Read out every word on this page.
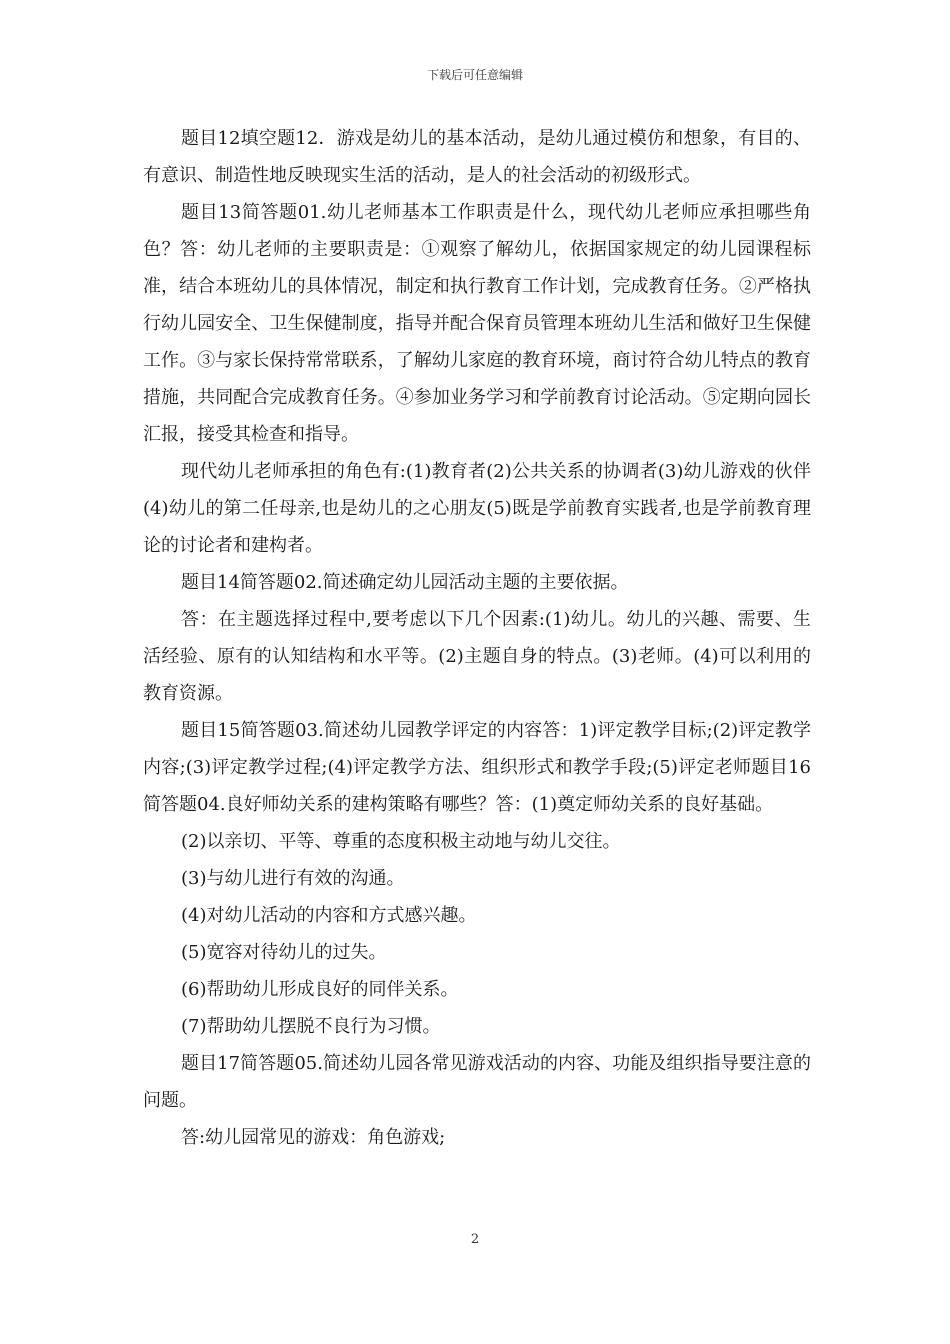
下载后可任意编辑

题目12填空题12．游戏是幼儿的基本活动，是幼儿通过模仿和想象，有目的、有意识、制造性地反映现实生活的活动，是人的社会活动的初级形式。

题目13简答题01.幼儿老师基本工作职责是什么，现代幼儿老师应承担哪些角色？答：幼儿老师的主要职责是：①观察了解幼儿，依据国家规定的幼儿园课程标准，结合本班幼儿的具体情况，制定和执行教育工作计划，完成教育任务。②严格执行幼儿园安全、卫生保健制度，指导并配合保育员管理本班幼儿生活和做好卫生保健工作。③与家长保持常常联系，了解幼儿家庭的教育环境，商讨符合幼儿特点的教育措施，共同配合完成教育任务。④参加业务学习和学前教育讨论活动。⑤定期向园长汇报，接受其检查和指导。

现代幼儿老师承担的角色有:(1)教育者(2)公共关系的协调者(3)幼儿游戏的伙伴(4)幼儿的第二任母亲,也是幼儿的之心朋友(5)既是学前教育实践者,也是学前教育理论的讨论者和建构者。

题目14简答题02.简述确定幼儿园活动主题的主要依据。

答：在主题选择过程中,要考虑以下几个因素:(1)幼儿。幼儿的兴趣、需要、生活经验、原有的认知结构和水平等。(2)主题自身的特点。(3)老师。(4)可以利用的教育资源。

题目15简答题03.简述幼儿园教学评定的内容答：1)评定教学目标;(2)评定教学内容;(3)评定教学过程;(4)评定教学方法、组织形式和教学手段;(5)评定老师题目16简答题04.良好师幼关系的建构策略有哪些？答：(1)奠定师幼关系的良好基础。

(2)以亲切、平等、尊重的态度积极主动地与幼儿交往。

(3)与幼儿进行有效的沟通。

(4)对幼儿活动的内容和方式感兴趣。

(5)宽容对待幼儿的过失。

(6)帮助幼儿形成良好的同伴关系。

(7)帮助幼儿摆脱不良行为习惯。

题目17简答题05.简述幼儿园各常见游戏活动的内容、功能及组织指导要注意的问题。

答:幼儿园常见的游戏：角色游戏;

2
